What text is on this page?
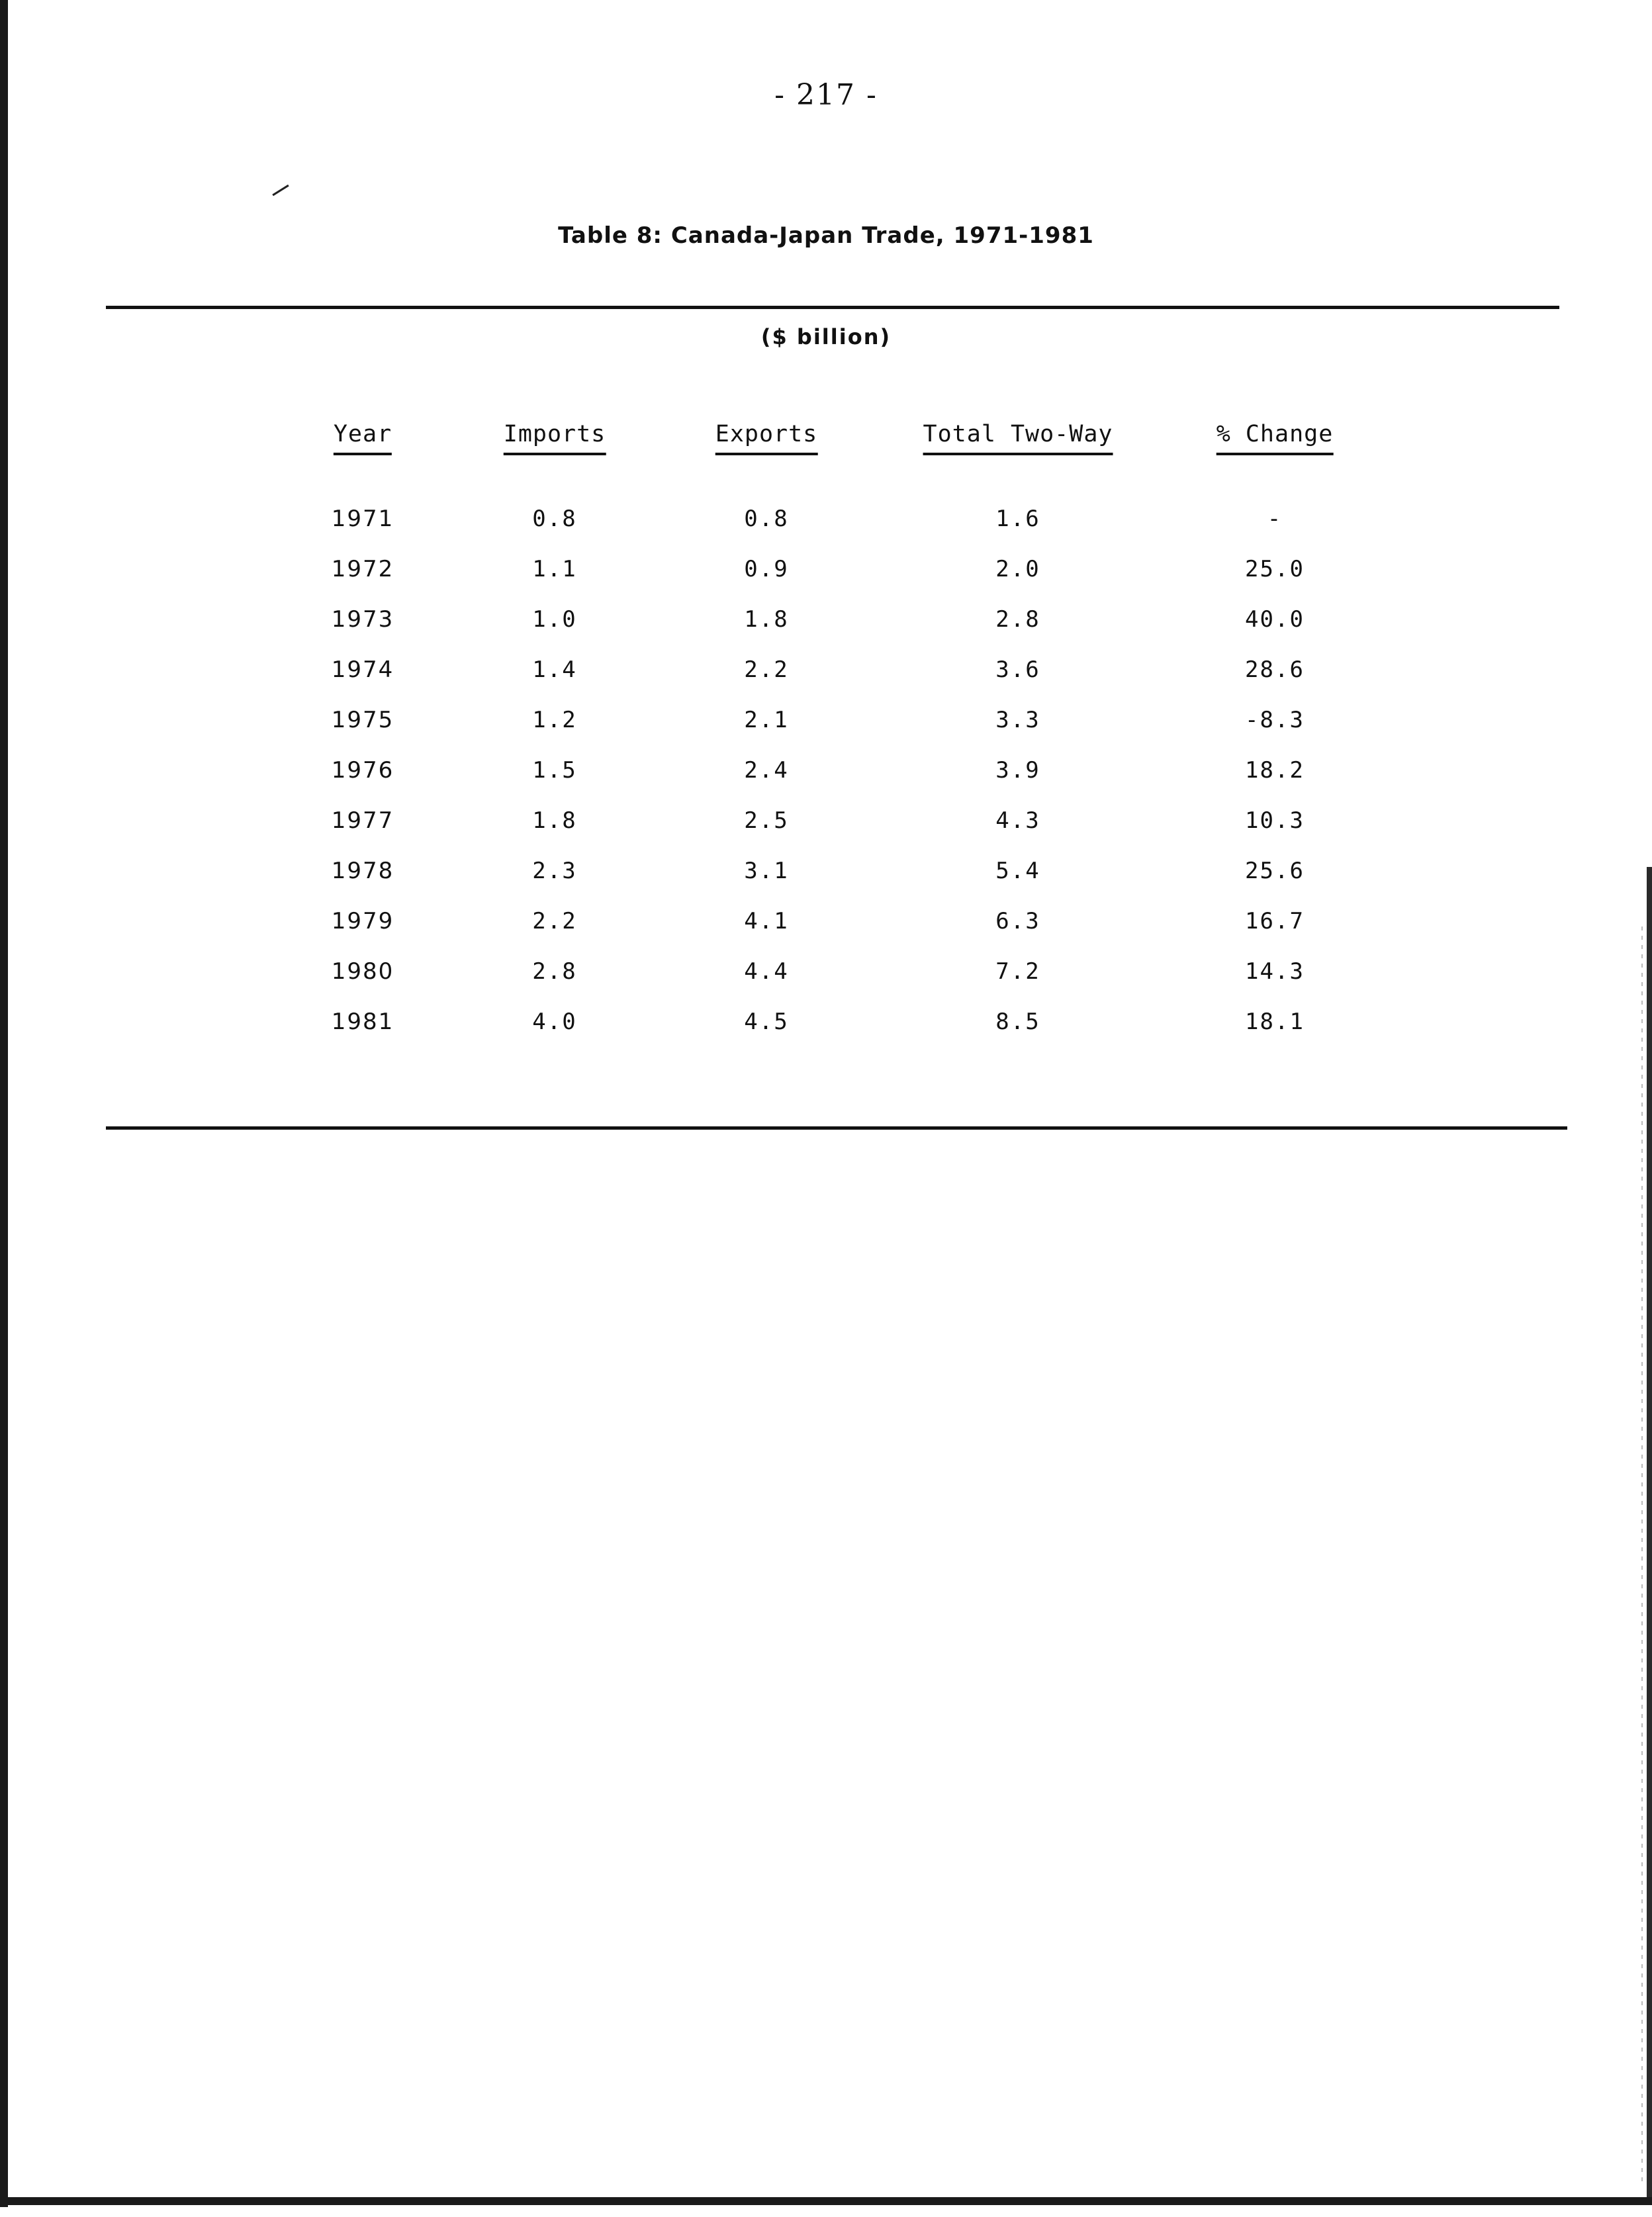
- 217 -
Table 8: Canada-Japan Trade, 1971-1981
($ billion)
Year	Imports	Exports	Total Two-Way	% Change
1971	0.8	0.8	1.6	-
1972	1.1	0.9	2.0	25.0
1973	1.0	1.8	2.8	40.0
1974	1.4	2.2	3.6	28.6
1975	1.2	2.1	3.3	-8.3
1976	1.5	2.4	3.9	18.2
1977	1.8	2.5	4.3	10.3
1978	2.3	3.1	5.4	25.6
1979	2.2	4.1	6.3	16.7
1980	2.8	4.4	7.2	14.3
1981	4.0	4.5	8.5	18.1
